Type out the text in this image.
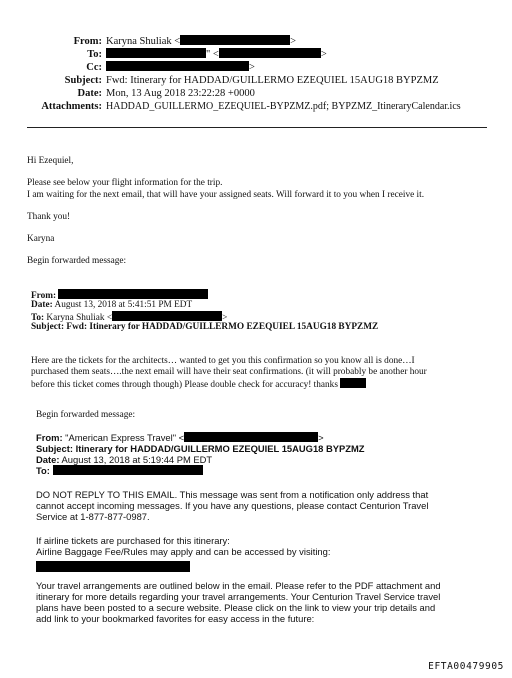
From: Karyna Shuliak <	>
To:	" <	>
Cc:	>
Subject: Fwd: Itinerary for HADDAD/GUILLERMO EZEQUIEL 15AUG18 BYPZMZ
Date: Mon, 13 Aug 2018 23:22:28 +0000
Attachments: HADDAD_GUILLERMO_EZEQUIEL-BYPZMZ.pdf; BYPZMZ_ItineraryCalendar.ics
Hi Ezequiel,
Please see below your flight information for the trip.
I am waiting for the next email, that will have your assigned seats. Will forward it to you when I receive it.
Thank you!
Karyna
Begin forwarded message:
From:
Date: August 13, 2018 at 5:41:51 PM EDT
To: Karyna Shuliak <	>
Subject: Fwd: Itinerary for HADDAD/GUILLERMO EZEQUIEL 15AUG18 BYPZMZ
Here are the tickets for the architects… wanted to get you this confirmation so you know all is done…I
purchased them seats….the next email will have their seat confirmations. (it will probably be another hour
before this ticket comes through though) Please double check for accuracy! thanks
Begin forwarded message:
From: "American Express Travel" <	>
Subject: Itinerary for HADDAD/GUILLERMO EZEQUIEL 15AUG18 BYPZMZ
Date: August 13, 2018 at 5:19:44 PM EDT
To:
DO NOT REPLY TO THIS EMAIL. This message was sent from a notification only address that
cannot accept incoming messages. If you have any questions, please contact Centurion Travel
Service at 1-877-877-0987.
If airline tickets are purchased for this itinerary:
Airline Baggage Fee/Rules may apply and can be accessed by visiting:
Your travel arrangements are outlined below in the email. Please refer to the PDF attachment and
itinerary for more details regarding your travel arrangements. Your Centurion Travel Service travel
plans have been posted to a secure website. Please click on the link to view your trip details and
add link to your bookmarked favorites for easy access in the future:
EFTA00479905
